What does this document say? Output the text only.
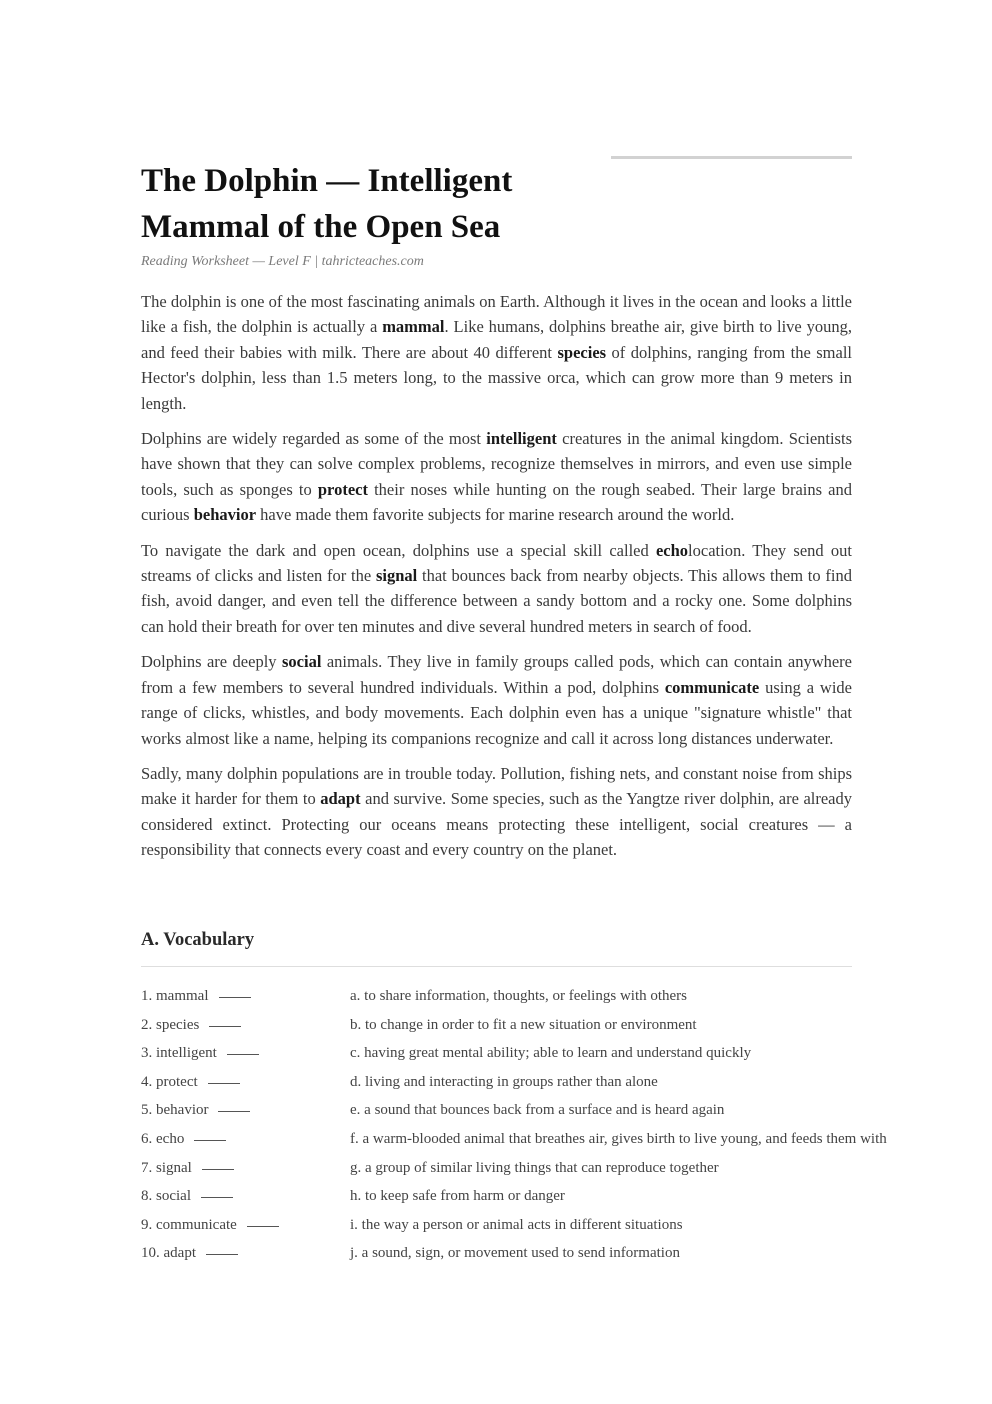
The Dolphin — Intelligent
Mammal of the Open Sea
Reading Worksheet — Level F | tahricteaches.com

The dolphin is one of the most fascinating animals on Earth. Although it lives in the ocean and looks a little like a fish, the dolphin is actually a mammal. Like humans, dolphins breathe air, give birth to live young, and feed their babies with milk. There are about 40 different species of dolphins, ranging from the small Hector's dolphin, less than 1.5 meters long, to the massive orca, which can grow more than 9 meters in length.

Dolphins are widely regarded as some of the most intelligent creatures in the animal kingdom. Scientists have shown that they can solve complex problems, recognize themselves in mirrors, and even use simple tools, such as sponges to protect their noses while hunting on the rough seabed. Their large brains and curious behavior have made them favorite subjects for marine research around the world.

To navigate the dark and open ocean, dolphins use a special skill called echolocation. They send out streams of clicks and listen for the signal that bounces back from nearby objects. This allows them to find fish, avoid danger, and even tell the difference between a sandy bottom and a rocky one. Some dolphins can hold their breath for over ten minutes and dive several hundred meters in search of food.

Dolphins are deeply social animals. They live in family groups called pods, which can contain anywhere from a few members to several hundred individuals. Within a pod, dolphins communicate using a wide range of clicks, whistles, and body movements. Each dolphin even has a unique "signature whistle" that works almost like a name, helping its companions recognize and call it across long distances underwater.

Sadly, many dolphin populations are in trouble today. Pollution, fishing nets, and constant noise from ships make it harder for them to adapt and survive. Some species, such as the Yangtze river dolphin, are already considered extinct. Protecting our oceans means protecting these intelligent, social creatures — a responsibility that connects every coast and every country on the planet.

A. Vocabulary
1. mammal	a. to share information, thoughts, or feelings with others
2. species	b. to change in order to fit a new situation or environment
3. intelligent	c. having great mental ability; able to learn and understand quickly
4. protect	d. living and interacting in groups rather than alone
5. behavior	e. a sound that bounces back from a surface and is heard again
6. echo	f. a warm-blooded animal that breathes air, gives birth to live young, and feeds them with
7. signal	g. a group of similar living things that can reproduce together
8. social	h. to keep safe from harm or danger
9. communicate	i. the way a person or animal acts in different situations
10. adapt	j. a sound, sign, or movement used to send information
